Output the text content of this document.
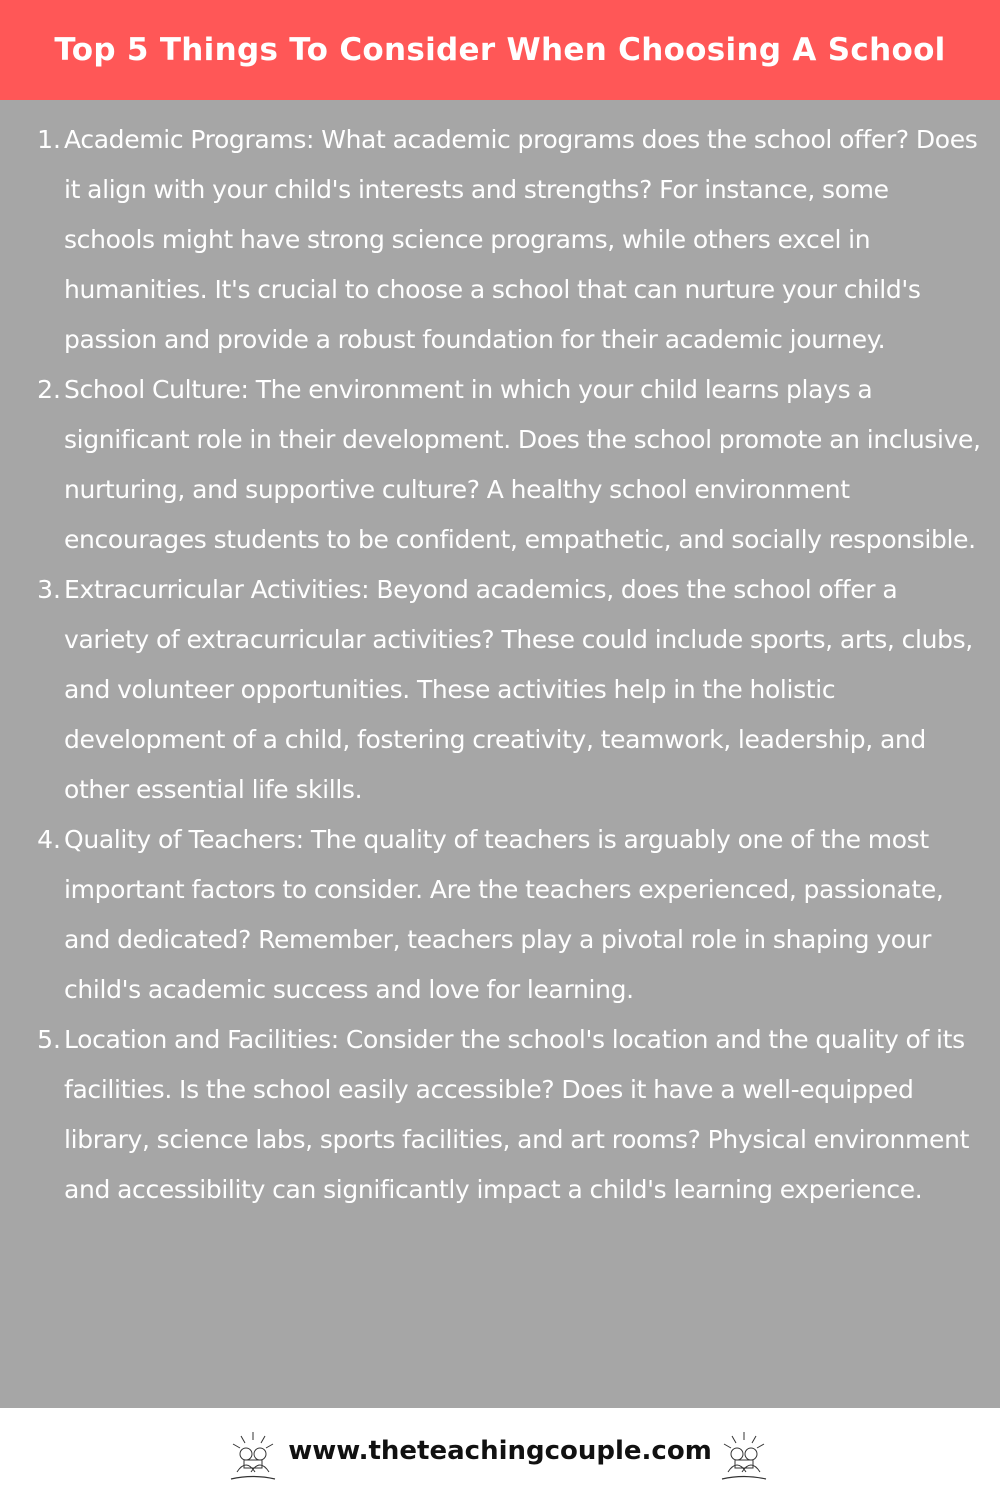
Top 5 Things To Consider When Choosing A School
1. Academic Programs: What academic programs does the school offer? Does it align with your child's interests and strengths? For instance, some schools might have strong science programs, while others excel in humanities. It's crucial to choose a school that can nurture your child's passion and provide a robust foundation for their academic journey.
2. School Culture: The environment in which your child learns plays a significant role in their development. Does the school promote an inclusive, nurturing, and supportive culture? A healthy school environment encourages students to be confident, empathetic, and socially responsible.
3. Extracurricular Activities: Beyond academics, does the school offer a variety of extracurricular activities? These could include sports, arts, clubs, and volunteer opportunities. These activities help in the holistic development of a child, fostering creativity, teamwork, leadership, and other essential life skills.
4. Quality of Teachers: The quality of teachers is arguably one of the most important factors to consider. Are the teachers experienced, passionate, and dedicated? Remember, teachers play a pivotal role in shaping your child's academic success and love for learning.
5. Location and Facilities: Consider the school's location and the quality of its facilities. Is the school easily accessible? Does it have a well-equipped library, science labs, sports facilities, and art rooms? Physical environment and accessibility can significantly impact a child's learning experience.
www.theteachingcouple.com
